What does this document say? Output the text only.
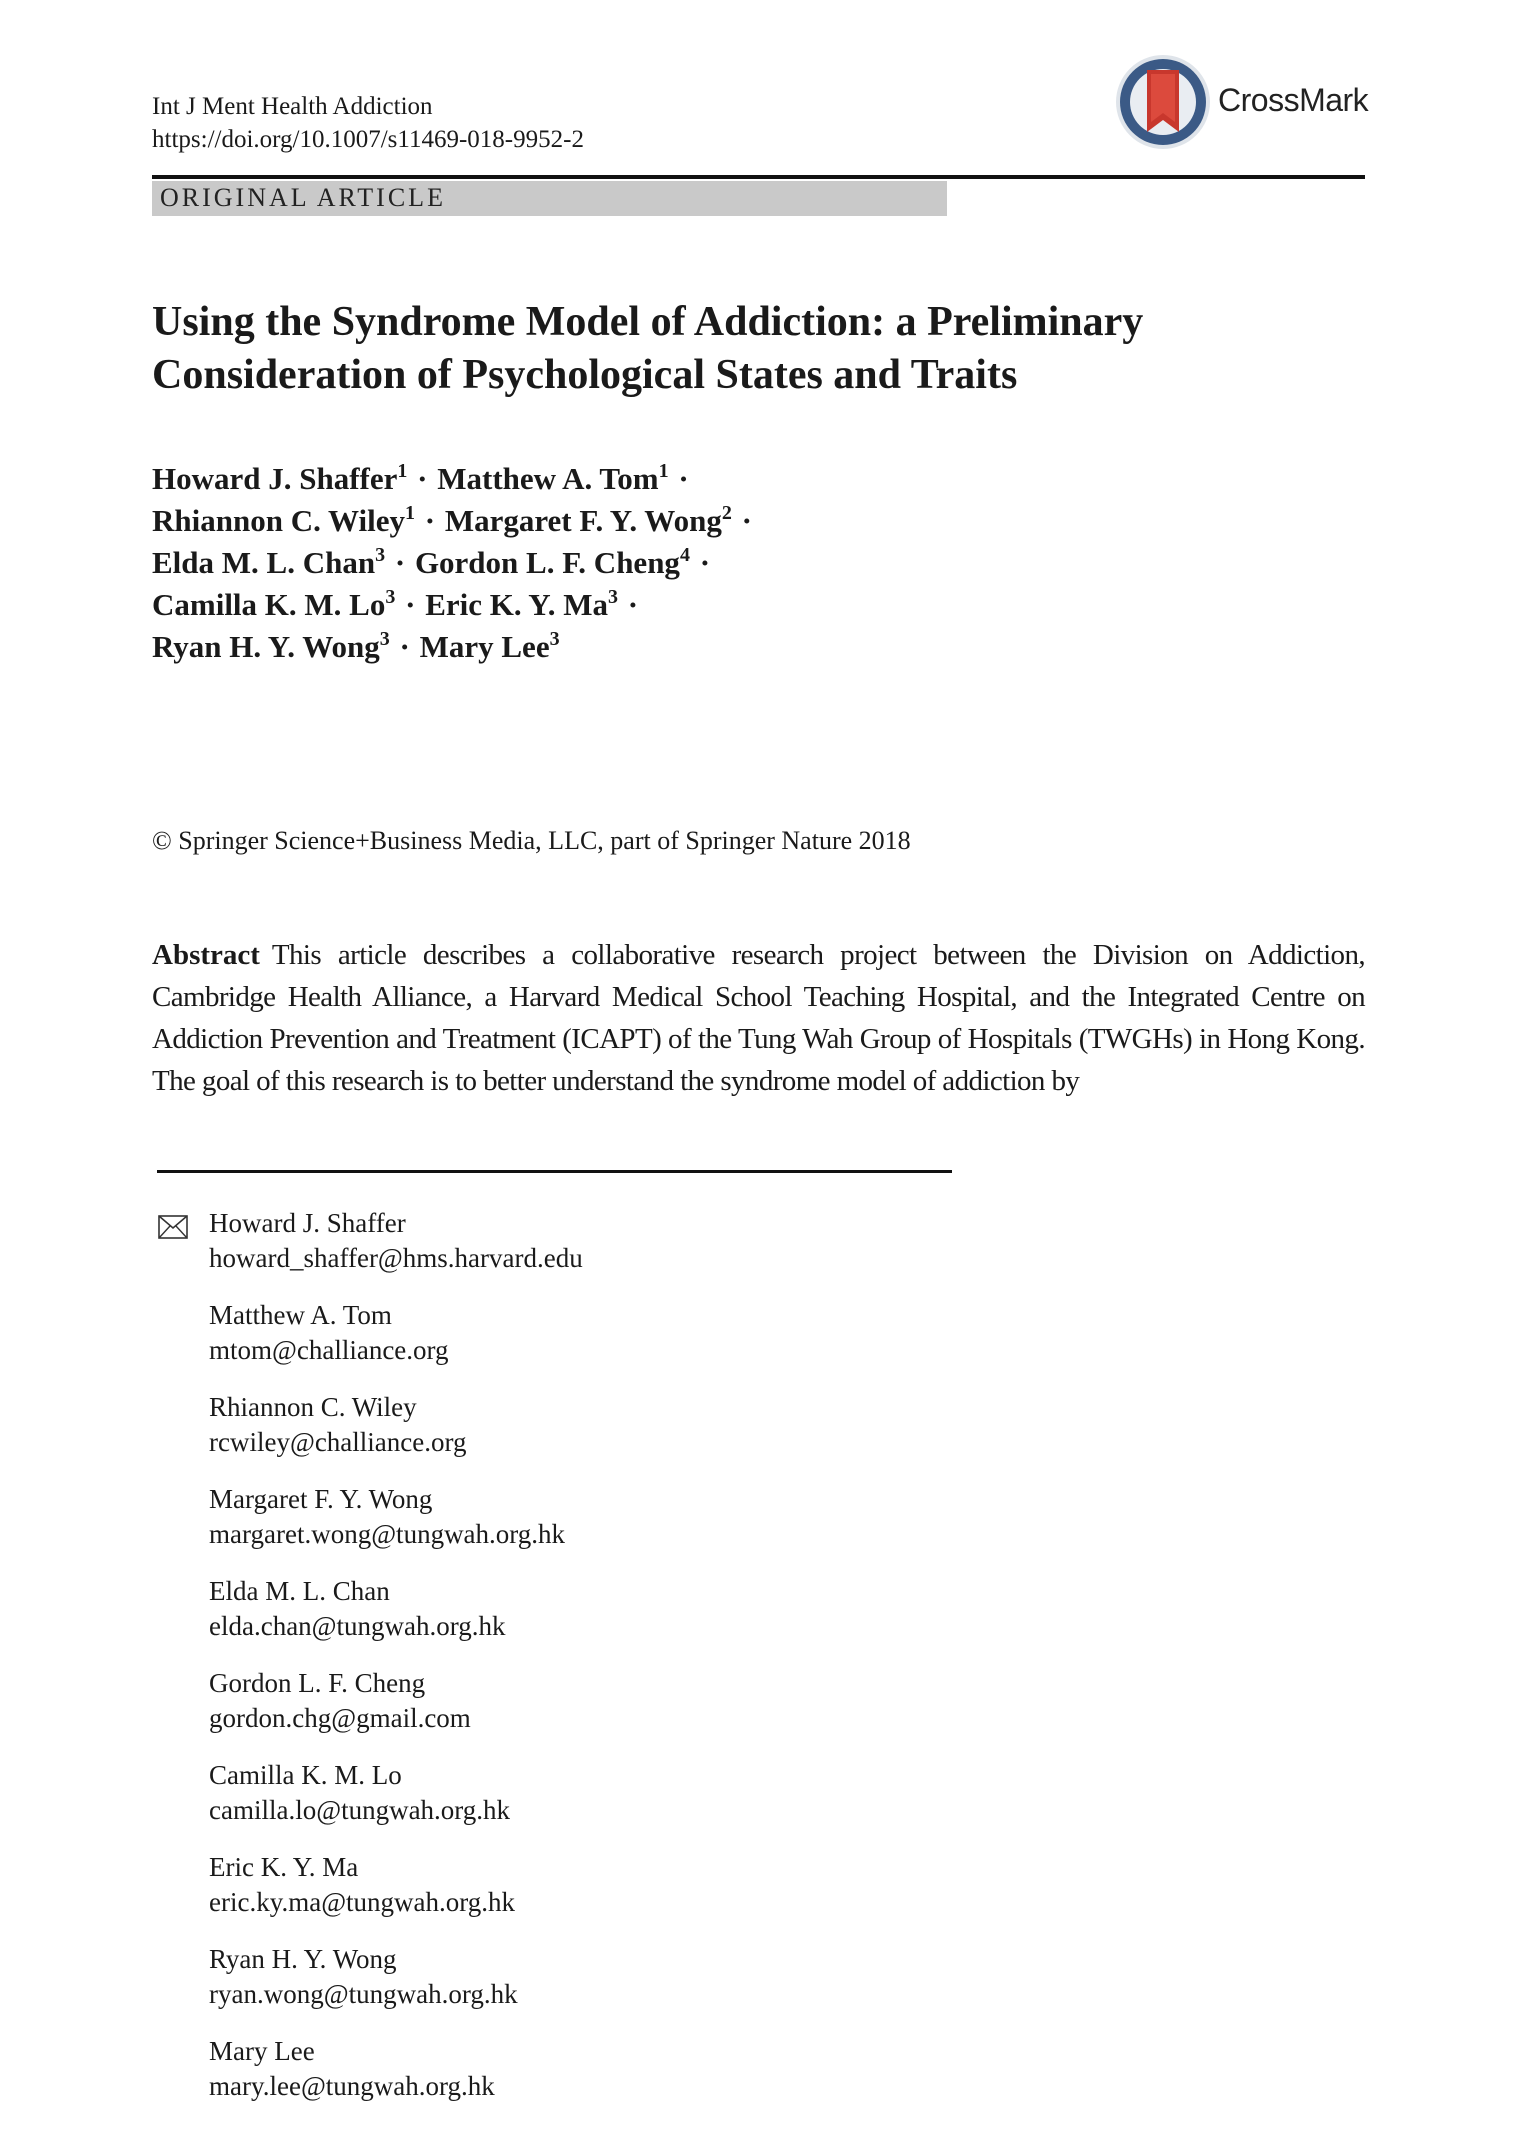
Int J Ment Health Addiction
https://doi.org/10.1007/s11469-018-9952-2
CrossMark
ORIGINAL ARTICLE
Using the Syndrome Model of Addiction: a Preliminary
Consideration of Psychological States and Traits
Howard J. Shaffer$^1$ · Matthew A. Tom$^1$ ·
Rhiannon C. Wiley$^1$ · Margaret F. Y. Wong$^2$ ·
Elda M. L. Chan$^3$ · Gordon L. F. Cheng$^4$ ·
Camilla K. M. $Lo^3$ · Eric K. Y. $Ma^3$ ·
Ryan H. Y. Wong$^3$ · Mary Lee$^3$
© Springer Science+Business Media, LLC, part of Springer Nature 2018
Abstract This article describes a collaborative research project between the Division on Addiction, Cambridge Health Alliance, a Harvard Medical School Teaching Hospital, and the Integrated Centre on Addiction Prevention and Treatment (ICAPT) of the Tung Wah Group of Hospitals (TWGHs) in Hong Kong. The goal of this research is to better understand the syndrome model of addiction by
Howard J. Shaffer
howard_shaffer@hms.harvard.edu
Matthew A. Tom
mtom@challiance.org
Rhiannon C. Wiley
rcwiley@challiance.org
Margaret F. Y. Wong
margaret.wong@tungwah.org.hk
Elda M. L. Chan
elda.chan@tungwah.org.hk
Gordon L. F. Cheng
gordon.chg@gmail.com
Camilla K. M. Lo
camilla.lo@tungwah.org.hk
Eric K. Y. Ma
eric.ky.ma@tungwah.org.hk
Ryan H. Y. Wong
ryan.wong@tungwah.org.hk
Mary Lee
mary.lee@tungwah.org.hk
